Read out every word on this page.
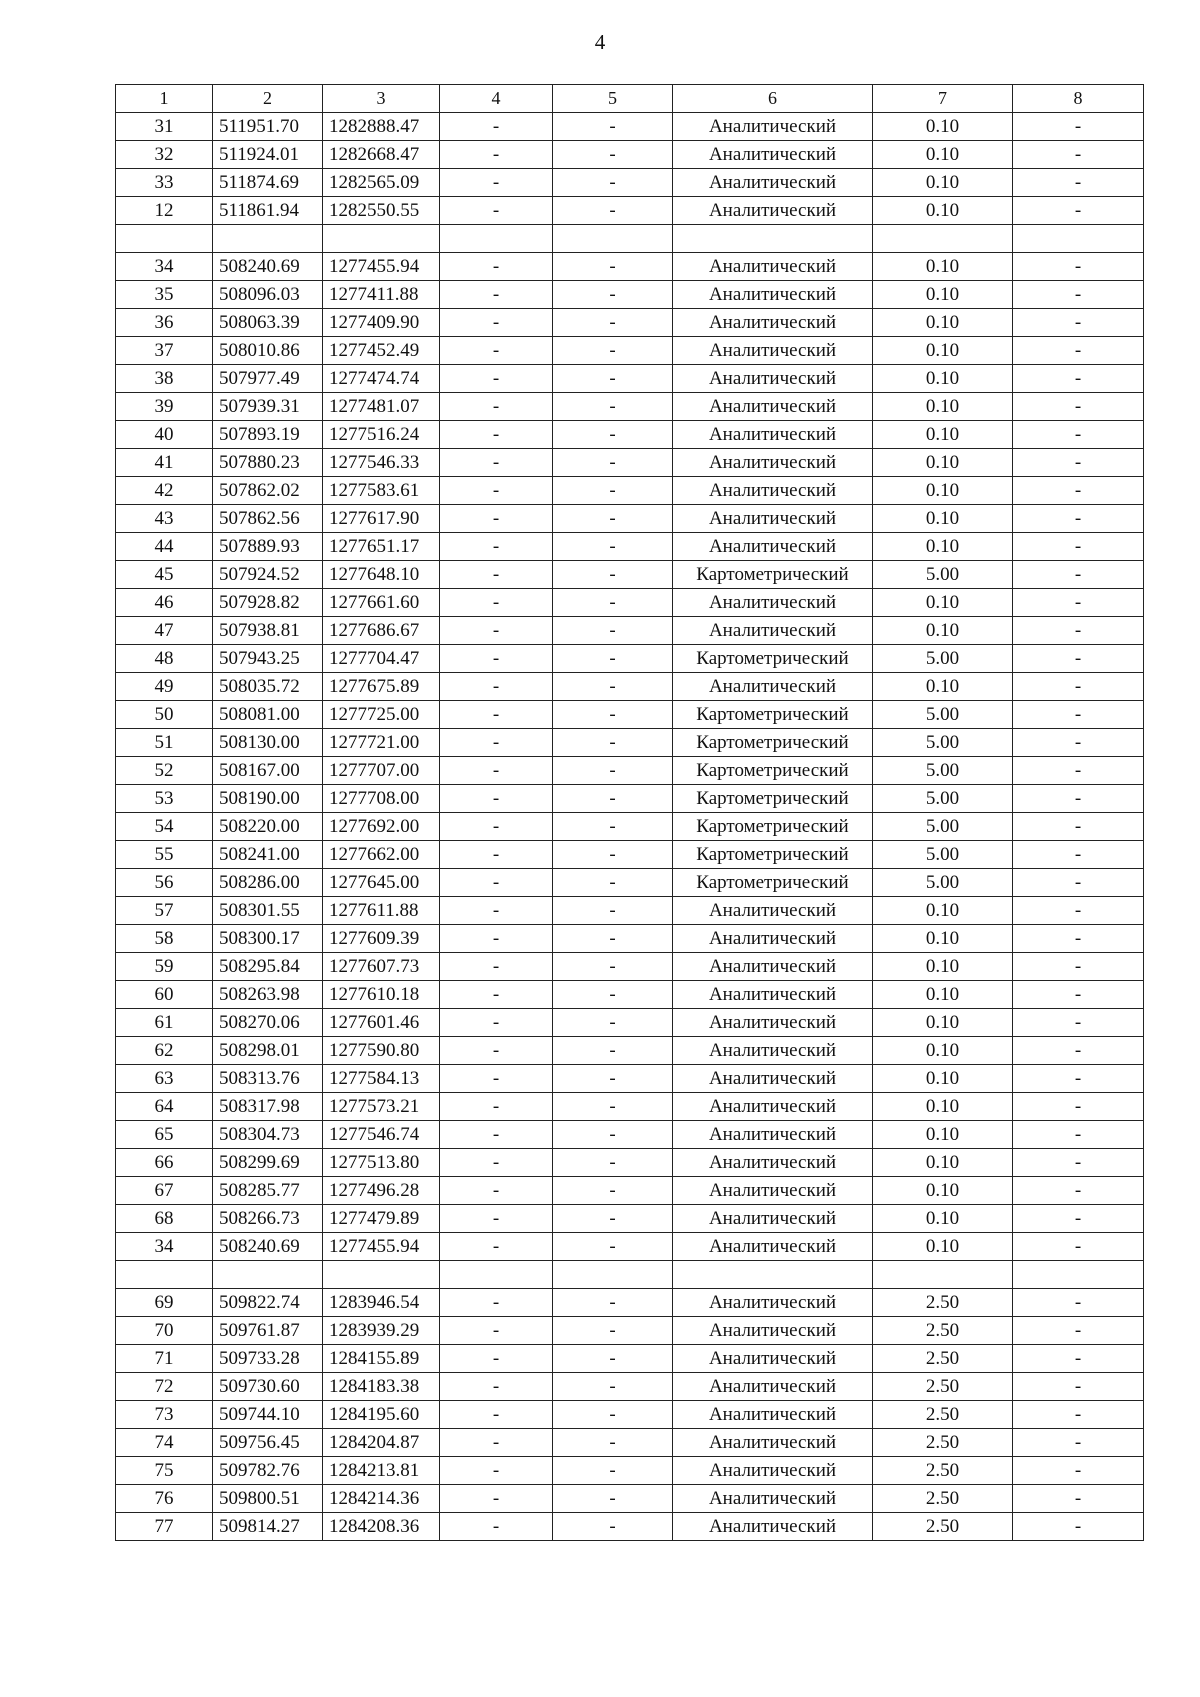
4
1	2	3	4	5	6	7	8
31	511951.70	1282888.47	-	-	Аналитический	0.10	-
32	511924.01	1282668.47	-	-	Аналитический	0.10	-
33	511874.69	1282565.09	-	-	Аналитический	0.10	-
12	511861.94	1282550.55	-	-	Аналитический	0.10	-

34	508240.69	1277455.94	-	-	Аналитический	0.10	-
35	508096.03	1277411.88	-	-	Аналитический	0.10	-
36	508063.39	1277409.90	-	-	Аналитический	0.10	-
37	508010.86	1277452.49	-	-	Аналитический	0.10	-
38	507977.49	1277474.74	-	-	Аналитический	0.10	-
39	507939.31	1277481.07	-	-	Аналитический	0.10	-
40	507893.19	1277516.24	-	-	Аналитический	0.10	-
41	507880.23	1277546.33	-	-	Аналитический	0.10	-
42	507862.02	1277583.61	-	-	Аналитический	0.10	-
43	507862.56	1277617.90	-	-	Аналитический	0.10	-
44	507889.93	1277651.17	-	-	Аналитический	0.10	-
45	507924.52	1277648.10	-	-	Картометрический	5.00	-
46	507928.82	1277661.60	-	-	Аналитический	0.10	-
47	507938.81	1277686.67	-	-	Аналитический	0.10	-
48	507943.25	1277704.47	-	-	Картометрический	5.00	-
49	508035.72	1277675.89	-	-	Аналитический	0.10	-
50	508081.00	1277725.00	-	-	Картометрический	5.00	-
51	508130.00	1277721.00	-	-	Картометрический	5.00	-
52	508167.00	1277707.00	-	-	Картометрический	5.00	-
53	508190.00	1277708.00	-	-	Картометрический	5.00	-
54	508220.00	1277692.00	-	-	Картометрический	5.00	-
55	508241.00	1277662.00	-	-	Картометрический	5.00	-
56	508286.00	1277645.00	-	-	Картометрический	5.00	-
57	508301.55	1277611.88	-	-	Аналитический	0.10	-
58	508300.17	1277609.39	-	-	Аналитический	0.10	-
59	508295.84	1277607.73	-	-	Аналитический	0.10	-
60	508263.98	1277610.18	-	-	Аналитический	0.10	-
61	508270.06	1277601.46	-	-	Аналитический	0.10	-
62	508298.01	1277590.80	-	-	Аналитический	0.10	-
63	508313.76	1277584.13	-	-	Аналитический	0.10	-
64	508317.98	1277573.21	-	-	Аналитический	0.10	-
65	508304.73	1277546.74	-	-	Аналитический	0.10	-
66	508299.69	1277513.80	-	-	Аналитический	0.10	-
67	508285.77	1277496.28	-	-	Аналитический	0.10	-
68	508266.73	1277479.89	-	-	Аналитический	0.10	-
34	508240.69	1277455.94	-	-	Аналитический	0.10	-

69	509822.74	1283946.54	-	-	Аналитический	2.50	-
70	509761.87	1283939.29	-	-	Аналитический	2.50	-
71	509733.28	1284155.89	-	-	Аналитический	2.50	-
72	509730.60	1284183.38	-	-	Аналитический	2.50	-
73	509744.10	1284195.60	-	-	Аналитический	2.50	-
74	509756.45	1284204.87	-	-	Аналитический	2.50	-
75	509782.76	1284213.81	-	-	Аналитический	2.50	-
76	509800.51	1284214.36	-	-	Аналитический	2.50	-
77	509814.27	1284208.36	-	-	Аналитический	2.50	-
